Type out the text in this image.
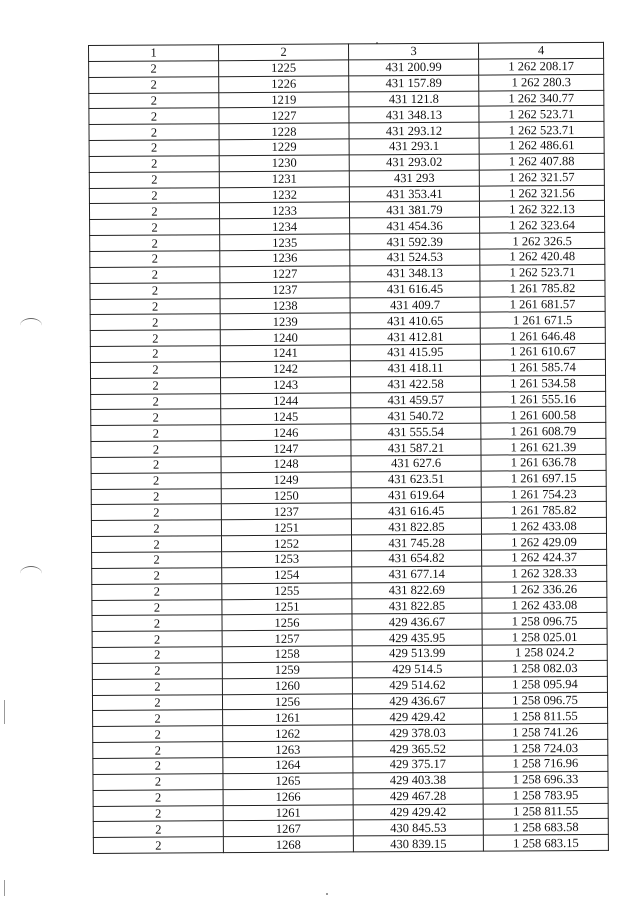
1	2	3	4
2	1225	431 200.99	1 262 208.17
2	1226	431 157.89	1 262 280.3
2	1219	431 121.8	1 262 340.77
2	1227	431 348.13	1 262 523.71
2	1228	431 293.12	1 262 523.71
2	1229	431 293.1	1 262 486.61
2	1230	431 293.02	1 262 407.88
2	1231	431 293	1 262 321.57
2	1232	431 353.41	1 262 321.56
2	1233	431 381.79	1 262 322.13
2	1234	431 454.36	1 262 323.64
2	1235	431 592.39	1 262 326.5
2	1236	431 524.53	1 262 420.48
2	1227	431 348.13	1 262 523.71
2	1237	431 616.45	1 261 785.82
2	1238	431 409.7	1 261 681.57
2	1239	431 410.65	1 261 671.5
2	1240	431 412.81	1 261 646.48
2	1241	431 415.95	1 261 610.67
2	1242	431 418.11	1 261 585.74
2	1243	431 422.58	1 261 534.58
2	1244	431 459.57	1 261 555.16
2	1245	431 540.72	1 261 600.58
2	1246	431 555.54	1 261 608.79
2	1247	431 587.21	1 261 621.39
2	1248	431 627.6	1 261 636.78
2	1249	431 623.51	1 261 697.15
2	1250	431 619.64	1 261 754.23
2	1237	431 616.45	1 261 785.82
2	1251	431 822.85	1 262 433.08
2	1252	431 745.28	1 262 429.09
2	1253	431 654.82	1 262 424.37
2	1254	431 677.14	1 262 328.33
2	1255	431 822.69	1 262 336.26
2	1251	431 822.85	1 262 433.08
2	1256	429 436.67	1 258 096.75
2	1257	429 435.95	1 258 025.01
2	1258	429 513.99	1 258 024.2
2	1259	429 514.5	1 258 082.03
2	1260	429 514.62	1 258 095.94
2	1256	429 436.67	1 258 096.75
2	1261	429 429.42	1 258 811.55
2	1262	429 378.03	1 258 741.26
2	1263	429 365.52	1 258 724.03
2	1264	429 375.17	1 258 716.96
2	1265	429 403.38	1 258 696.33
2	1266	429 467.28	1 258 783.95
2	1261	429 429.42	1 258 811.55
2	1267	430 845.53	1 258 683.58
2	1268	430 839.15	1 258 683.15
